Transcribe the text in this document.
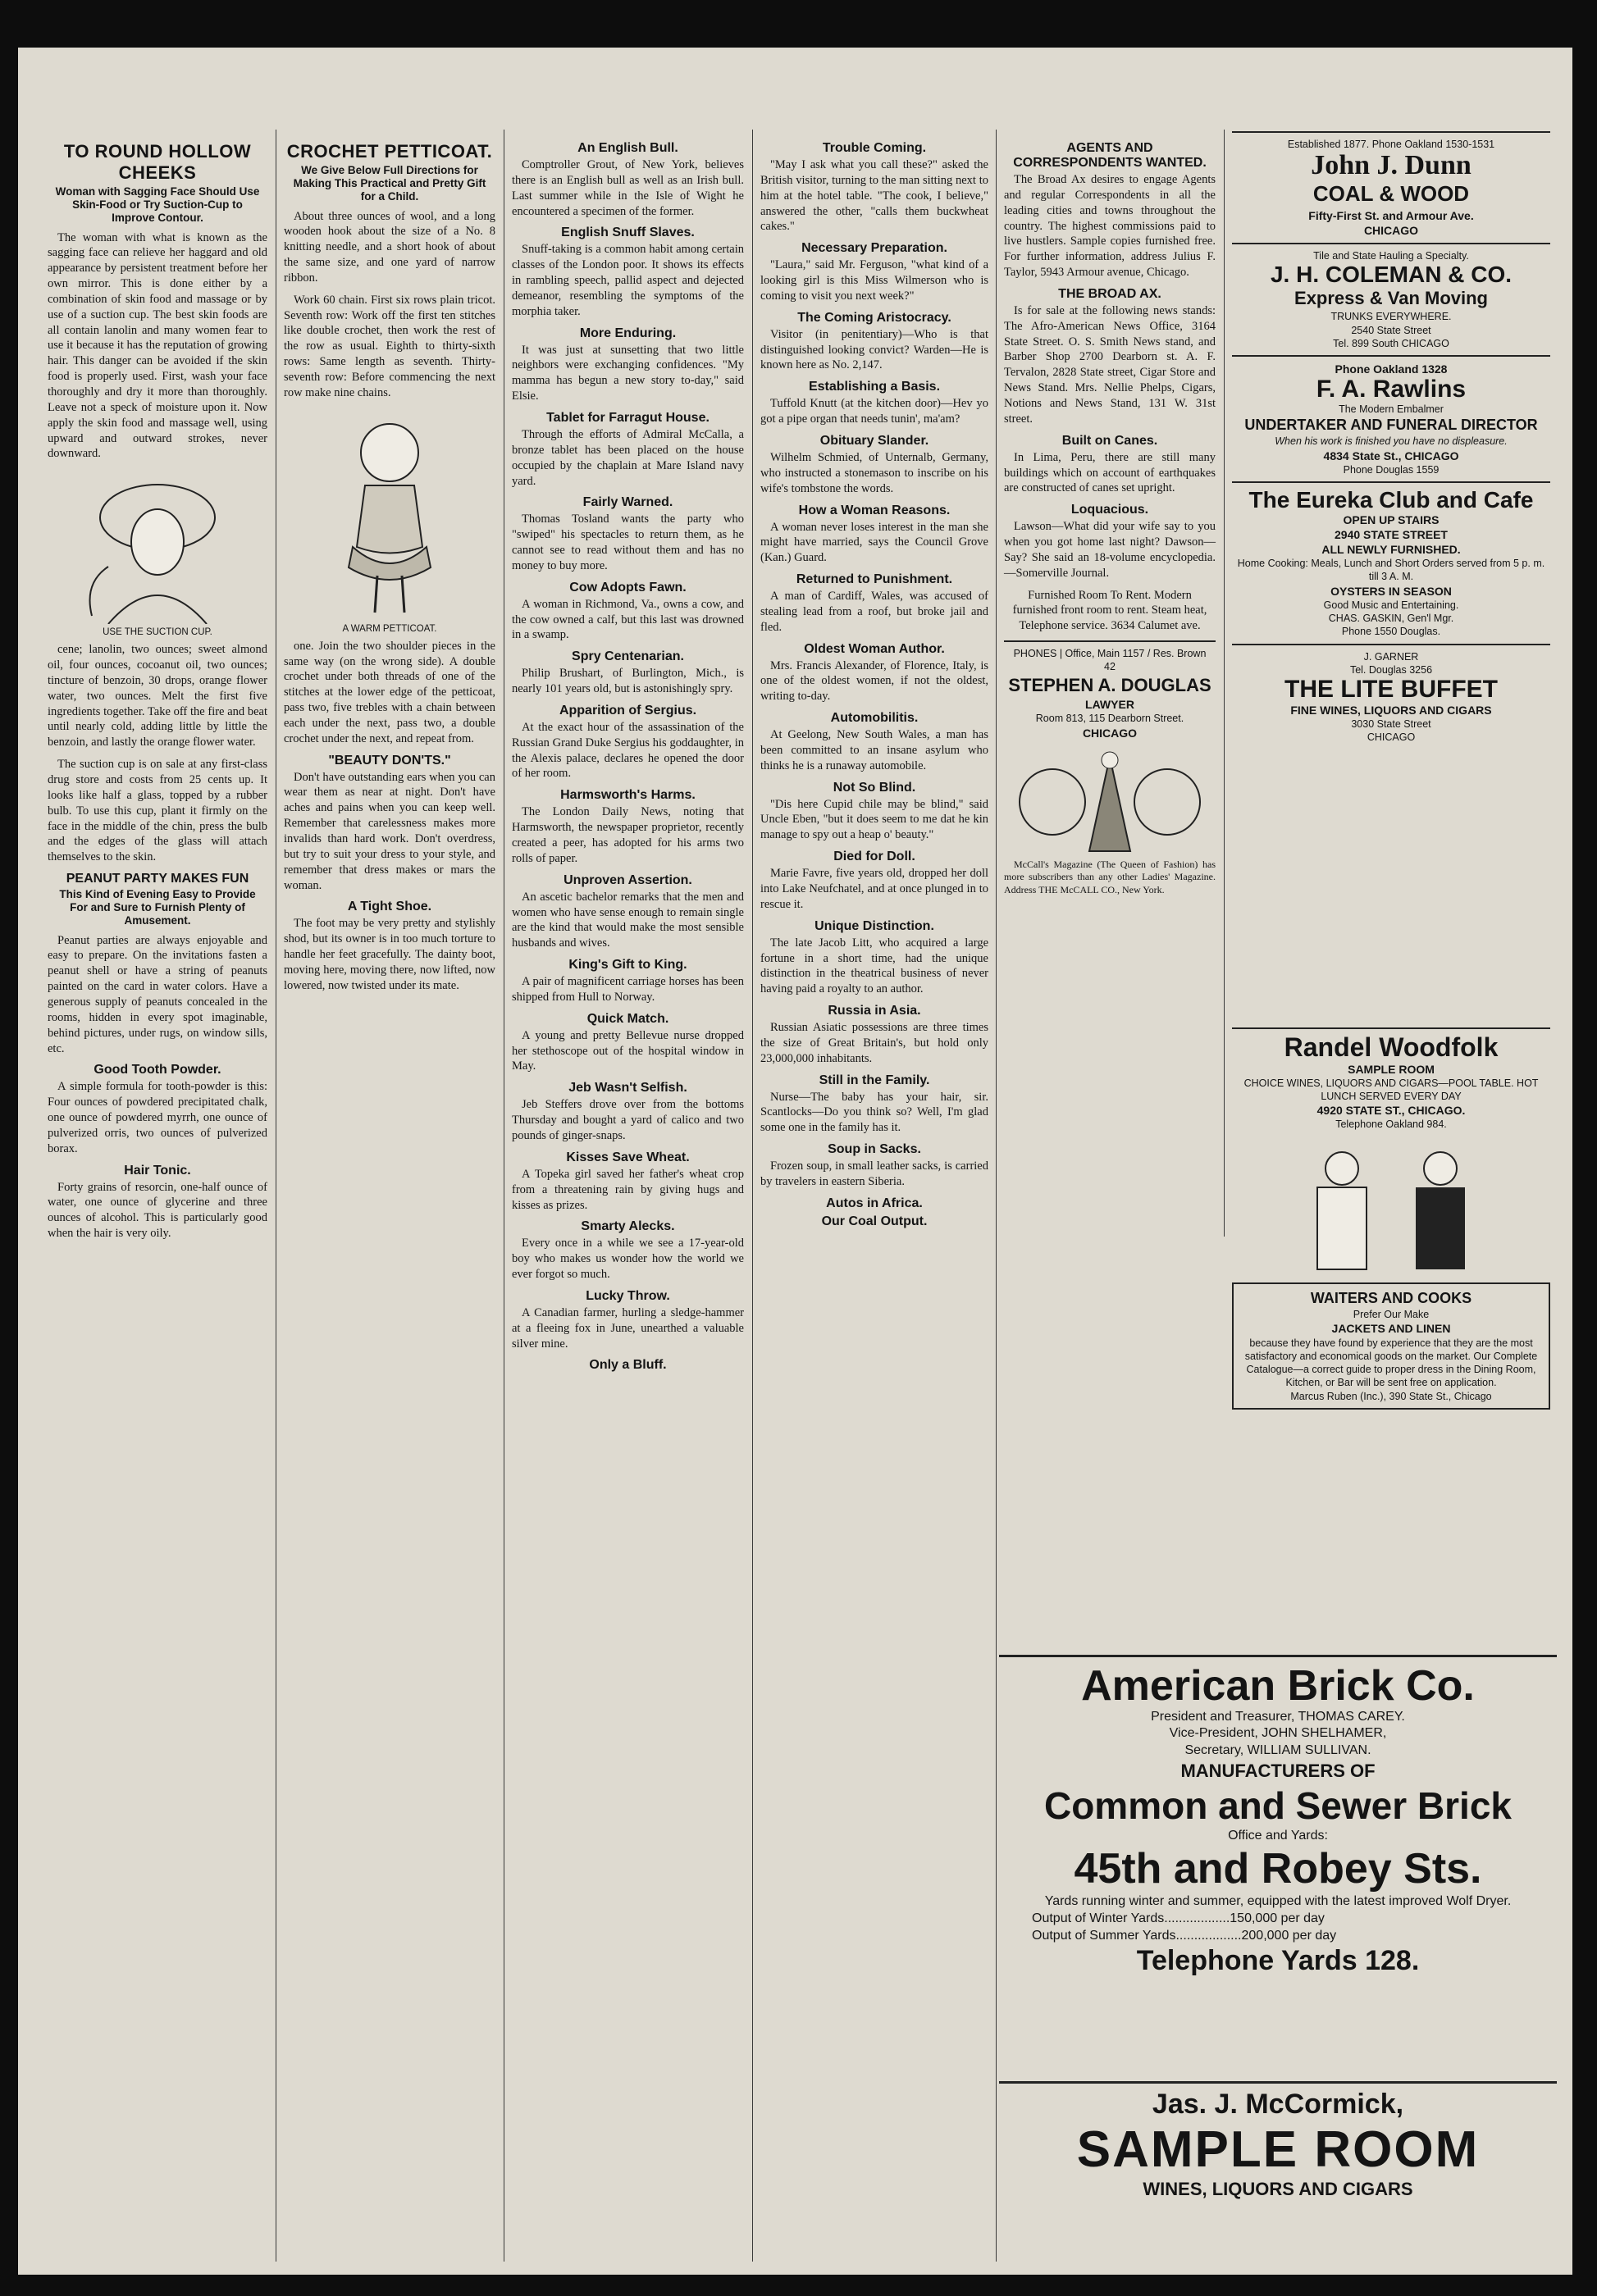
TO ROUND HOLLOW CHEEKS
Woman with Sagging Face Should Use Skin-Food or Try Suction-Cup to Improve Contour.

The woman with what is known as the sagging face can relieve her haggard and old appearance by persistent treatment before her own mirror. This is done either by a combination of skin food and massage or by use of a suction cup. The best skin foods are all contain lanolin and many women fear to use it because it has the reputation of growing hair. This danger can be avoided if the skin food is properly used. First, wash your face thoroughly and dry it more than thoroughly. Leave not a speck of moisture upon it. Now apply the skin food and massage well, using upward and outward strokes, never downward.

USE THE SUCTION CUP.

cene; lanolin, two ounces; sweet almond oil, four ounces, cocoanut oil, two ounces; tincture of benzoin, 30 drops, orange flower water, two ounces. Melt the first five ingredients together. Take off the fire and beat until nearly cold, adding little by little the benzoin, and lastly the orange flower water.

The suction cup is on sale at any first-class drug store and costs from 25 cents up. It looks like half a glass, topped by a rubber bulb. To use this cup, plant it firmly on the face in the middle of the chin, press the bulb and the edges of the glass will attach themselves to the skin.

PEANUT PARTY MAKES FUN
This Kind of Evening Easy to Provide For and Sure to Furnish Plenty of Amusement.

Peanut parties are always enjoyable and easy to prepare. On the invitations fasten a peanut shell or have a string of peanuts painted on the card in water colors. Have a generous supply of peanuts concealed in the rooms, hidden in every spot imaginable, behind pictures, under rugs, on window sills, etc.

Good Tooth Powder.

A simple formula for tooth-powder is this: Four ounces of powdered precipitated chalk, one ounce of powdered myrrh, one ounce of pulverized orris, two ounces of pulverized borax.

Hair Tonic.

Forty grains of resorcin, one-half ounce of water, one ounce of glycerine and three ounces of alcohol. This is particularly good when the hair is very oily.

CROCHET PETTICOAT.
We Give Below Full Directions for Making This Practical and Pretty Gift for a Child.

About three ounces of wool, and a long wooden hook about the size of a No. 8 knitting needle, and a short hook of about the same size, and one yard of narrow ribbon.

Work 60 chain. First six rows plain tricot. Seventh row: Work off the first ten stitches like double crochet, then work the rest of the row as usual. Eighth to thirty-sixth rows: Same length as seventh. Thirty-seventh row: Before commencing the next row make nine chains.

A WARM PETTICOAT.

one. Join the two shoulder pieces in the same way (on the wrong side). A double crochet under both threads of one of the stitches at the lower edge of the petticoat, pass two, five trebles with a chain between each under the next, pass two, a double crochet under the next, and repeat from.

"BEAUTY DON'TS."

Don't have outstanding ears when you can wear them as near at night. Don't have aches and pains when you can keep well. Remember that carelessness makes more invalids than hard work. Don't overdress, but try to suit your dress to your style, and remember that dress makes or mars the woman.

A Tight Shoe.

The foot may be very pretty and stylishly shod, but its owner is in too much torture to handle her feet gracefully. The dainty boot, moving here, moving there, now lifted, now lowered, now twisted under its mate.

An English Bull.

Comptroller Grout, of New York, believes there is an English bull as well as an Irish bull. Last summer while in the Isle of Wight he encountered a specimen of the former.

English Snuff Slaves.

Snuff-taking is a common habit among certain classes of the London poor. It shows its effects in rambling speech, pallid aspect and dejected demeanor, resembling the symptoms of the morphia taker.

More Enduring.

It was just at sunsetting that two little neighbors were exchanging confidences. "My mamma has begun a new story to-day," said Elsie.

Tablet for Farragut House.

Through the efforts of Admiral McCalla, a bronze tablet has been placed on the house occupied by the chaplain at Mare Island navy yard.

Fairly Warned.

Thomas Tosland wants the party who "swiped" his spectacles to return them, as he cannot see to read without them and has no money to buy more.

Cow Adopts Fawn.

A woman in Richmond, Va., owns a cow, and the cow owned a calf, but this last was drowned in a swamp.

Spry Centenarian.

Philip Brushart, of Burlington, Mich., is nearly 101 years old, but is astonishingly spry.

Apparition of Sergius.

At the exact hour of the assassination of the Russian Grand Duke Sergius his goddaughter, in the Alexis palace, declares he opened the door of her room.

Harmsworth's Harms.

The London Daily News, noting that Harmsworth, the newspaper proprietor, recently created a peer, has adopted for his arms two rolls of paper.

Unproven Assertion.

An ascetic bachelor remarks that the men and women who have sense enough to remain single are the kind that would make the most sensible husbands and wives.

King's Gift to King.

A pair of magnificent carriage horses has been shipped from Hull to Norway.

Quick Match.

A young and pretty Bellevue nurse dropped her stethoscope out of the hospital window in May.

Jeb Wasn't Selfish.

Jeb Steffers drove over from the bottoms Thursday and bought a yard of calico and two pounds of ginger-snaps.

Kisses Save Wheat.

A Topeka girl saved her father's wheat crop from a threatening rain by giving hugs and kisses as prizes.

Smarty Alecks.

Every once in a while we see a 17-year-old boy who makes us wonder how the world we ever forgot so much.

Lucky Throw.

A Canadian farmer, hurling a sledge-hammer at a fleeing fox in June, unearthed a valuable silver mine.

Only a Bluff.
Trouble Coming.

"May I ask what you call these?" asked the British visitor, turning to the man sitting next to him at the hotel table. "The cook, I believe," answered the other, "calls them buckwheat cakes."

Necessary Preparation.

"Laura," said Mr. Ferguson, "what kind of a looking girl is this Miss Wilmerson who is coming to visit you next week?"

The Coming Aristocracy.

Visitor (in penitentiary)—Who is that distinguished looking convict? Warden—He is known here as No. 2,147.

Establishing a Basis.

Tuffold Knutt (at the kitchen door)—Hev yo got a pipe organ that needs tunin', ma'am?

Obituary Slander.

Wilhelm Schmied, of Unternalb, Germany, who instructed a stonemason to inscribe on his wife's tombstone the words.

How a Woman Reasons.

A woman never loses interest in the man she might have married, says the Council Grove (Kan.) Guard.

Returned to Punishment.

A man of Cardiff, Wales, was accused of stealing lead from a roof, but broke jail and fled.

Oldest Woman Author.

Mrs. Francis Alexander, of Florence, Italy, is one of the oldest women, if not the oldest, writing to-day.

Automobilitis.

At Geelong, New South Wales, a man has been committed to an insane asylum who thinks he is a runaway automobile.

Not So Blind.

"Dis here Cupid chile may be blind," said Uncle Eben, "but it does seem to me dat he kin manage to spy out a heap o' beauty."

Died for Doll.

Marie Favre, five years old, dropped her doll into Lake Neufchatel, and at once plunged in to rescue it.

Unique Distinction.

The late Jacob Litt, who acquired a large fortune in a short time, had the unique distinction in the theatrical business of never having paid a royalty to an author.

Russia in Asia.

Russian Asiatic possessions are three times the size of Great Britain's, but hold only 23,000,000 inhabitants.

Still in the Family.

Nurse—The baby has your hair, sir. Scantlocks—Do you think so? Well, I'm glad some one in the family has it.

Soup in Sacks.

Frozen soup, in small leather sacks, is carried by travelers in eastern Siberia.

Autos in Africa.
Our Coal Output.
AGENTS AND CORRESPONDENTS WANTED.

The Broad Ax desires to engage Agents and regular Correspondents in all the leading cities and towns throughout the country. The highest commissions paid to live hustlers. Sample copies furnished free. For further information, address Julius F. Taylor, 5943 Armour avenue, Chicago.

THE BROAD AX.

Is for sale at the following news stands: The Afro-American News Office, 3164 State Street. O. S. Smith News stand, and Barber Shop 2700 Dearborn st. A. F. Tervalon, 2828 State street, Cigar Store and News Stand. Mrs. Nellie Phelps, Cigars, Notions and News Stand, 131 W. 31st street.

Built on Canes.

In Lima, Peru, there are still many buildings which on account of earthquakes are constructed of canes set upright.

Loquacious.

Lawson—What did your wife say to you when you got home last night? Dawson—Say? She said an 18-volume encyclopedia.—Somerville Journal.

Furnished Room To Rent. Modern furnished front room to rent. Steam heat, Telephone service. 3634 Calumet ave.

PHONES | Office, Main 1157 / Res. Brown 42
STEPHEN A. DOUGLAS
LAWYER
Room 813, 115 Dearborn Street.
CHICAGO

McCall's Magazine (The Queen of Fashion) has more subscribers than any other Ladies' Magazine. Address THE McCALL CO., New York.

Established 1877. Phone Oakland 1530-1531
John J. Dunn
COAL & WOOD
Fifty-First St. and Armour Ave.
CHICAGO
Tile and State Hauling a Specialty.
J. H. COLEMAN & CO.
Express & Van Moving
TRUNKS EVERYWHERE.
2540 State Street
Tel. 899 South CHICAGO
Phone Oakland 1328
F. A. Rawlins
The Modern Embalmer
UNDERTAKER AND FUNERAL DIRECTOR
When his work is finished you have no displeasure.
4834 State St., CHICAGO
Phone Douglas 1559
The Eureka Club and Cafe
OPEN UP STAIRS
2940 STATE STREET
ALL NEWLY FURNISHED.
Home Cooking: Meals, Lunch and Short Orders served from 5 p. m. till 3 A. M.
OYSTERS IN SEASON
Good Music and Entertaining.
CHAS. GASKIN, Gen'l Mgr.
Phone 1550 Douglas.
J. GARNER
Tel. Douglas 3256
THE LITE BUFFET
FINE WINES, LIQUORS AND CIGARS
3030 State Street
CHICAGO
Randel Woodfolk
SAMPLE ROOM
CHOICE WINES, LIQUORS AND CIGARS—POOL TABLE. HOT LUNCH SERVED EVERY DAY
4920 STATE ST., CHICAGO.
Telephone Oakland 984.
WAITERS AND COOKS
Prefer Our Make
JACKETS AND LINEN
because they have found by experience that they are the most satisfactory and economical goods on the market. Our Complete Catalogue—a correct guide to proper dress in the Dining Room, Kitchen, or Bar will be sent free on application.
Marcus Ruben (Inc.), 390 State St., Chicago
American Brick Co.
President and Treasurer, THOMAS CAREY.
Vice-President, JOHN SHELHAMER,
Secretary, WILLIAM SULLIVAN.
MANUFACTURERS OF
Common and Sewer Brick
Office and Yards:
45th and Robey Sts.
Yards running winter and summer, equipped with the latest improved Wolf Dryer.
Output of Winter Yards..................150,000 per day
Output of Summer Yards..................200,000 per day
Telephone Yards 128.
Jas. J. McCormick,
SAMPLE ROOM
WINES, LIQUORS AND CIGARS
